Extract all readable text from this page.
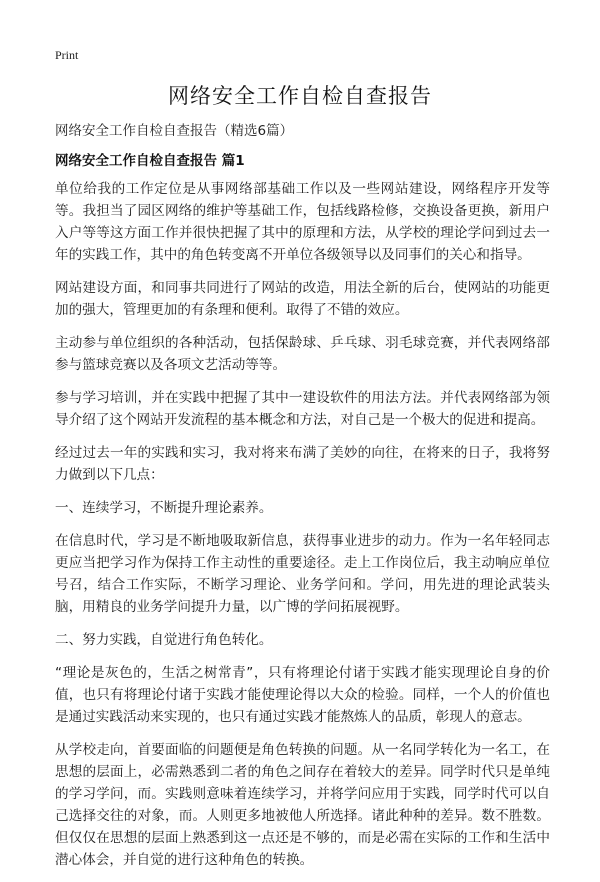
Print
网络安全工作自检自查报告
网络安全工作自检自查报告（精选6篇）
网络安全工作自检自查报告 篇1

单位给我的工作定位是从事网络部基础工作以及一些网站建设，网络程序开发等等。我担当了园区网络的维护等基础工作，包括线路检修，交换设备更换，新用户入户等等这方面工作并很快把握了其中的原理和方法，从学校的理论学问到过去一年的实践工作，其中的角色转变离不开单位各级领导以及同事们的关心和指导。

网站建设方面，和同事共同进行了网站的改造，用法全新的后台，使网站的功能更加的强大，管理更加的有条理和便利。取得了不错的效应。

主动参与单位组织的各种活动，包括保龄球、乒乓球、羽毛球竞赛，并代表网络部参与篮球竞赛以及各项文艺活动等等。

参与学习培训，并在实践中把握了其中一建设软件的用法方法。并代表网络部为领导介绍了这个网站开发流程的基本概念和方法，对自己是一个极大的促进和提高。

经过过去一年的实践和实习，我对将来布满了美妙的向往，在将来的日子，我将努力做到以下几点：

一、连续学习，不断提升理论素养。

在信息时代，学习是不断地吸取新信息，获得事业进步的动力。作为一名年轻同志更应当把学习作为保持工作主动性的重要途径。走上工作岗位后，我主动响应单位号召，结合工作实际，不断学习理论、业务学问和。学问，用先进的理论武装头脑，用精良的业务学问提升力量，以广博的学问拓展视野。

二、努力实践，自觉进行角色转化。

“理论是灰色的，生活之树常青”，只有将理论付诸于实践才能实现理论自身的价值，也只有将理论付诸于实践才能使理论得以大众的检验。同样，一个人的价值也是通过实践活动来实现的，也只有通过实践才能熬炼人的品质，彰现人的意志。

从学校走向，首要面临的问题便是角色转换的问题。从一名同学转化为一名工，在思想的层面上，必需熟悉到二者的角色之间存在着较大的差异。同学时代只是单纯的学习学问，而。实践则意味着连续学习，并将学问应用于实践，同学时代可以自己选择交往的对象，而。人则更多地被他人所选择。诸此种种的差异。数不胜数。但仅仅在思想的层面上熟悉到这一点还是不够的，而是必需在实际的工作和生活中潜心体会，并自觉的进行这种角色的转换。
